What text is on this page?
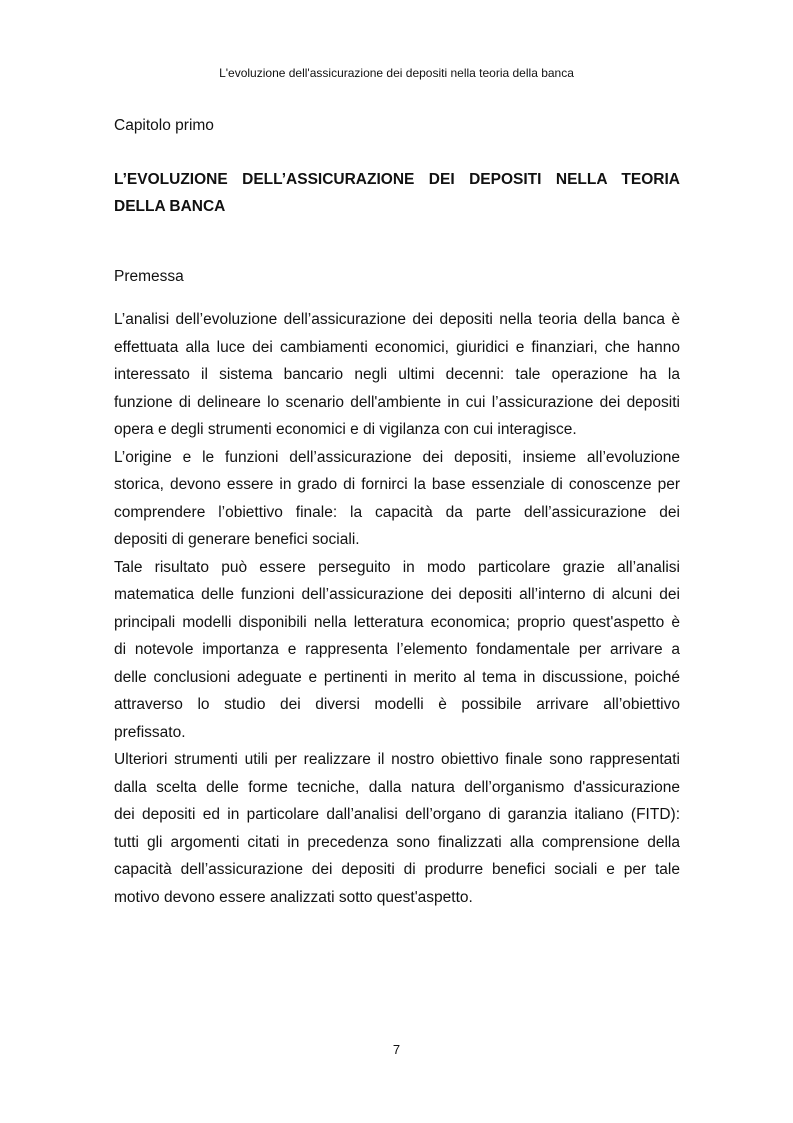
L'evoluzione dell'assicurazione dei depositi nella teoria della banca
Capitolo primo
L’EVOLUZIONE DELL’ASSICURAZIONE DEI DEPOSITI NELLA TEORIA
DELLA BANCA
Premessa
L’analisi dell’evoluzione dell’assicurazione dei depositi nella teoria della banca è
effettuata alla luce dei cambiamenti economici, giuridici e finanziari, che hanno
interessato il sistema bancario negli ultimi decenni: tale operazione ha la
funzione di delineare lo scenario dell'ambiente in cui l’assicurazione dei depositi
opera e degli strumenti economici e di vigilanza con cui interagisce.
L’origine e le funzioni dell’assicurazione dei depositi, insieme all’evoluzione
storica, devono essere in grado di fornirci la base essenziale di conoscenze per
comprendere l’obiettivo finale: la capacità da parte dell’assicurazione dei
depositi di generare benefici sociali.
Tale risultato può essere perseguito in modo particolare grazie all’analisi
matematica delle funzioni dell’assicurazione dei depositi all’interno di alcuni dei
principali modelli disponibili nella letteratura economica; proprio quest'aspetto è
di notevole importanza e rappresenta l’elemento fondamentale per arrivare a
delle conclusioni adeguate e pertinenti in merito al tema in discussione, poiché
attraverso lo studio dei diversi modelli è possibile arrivare all’obiettivo
prefissato.
Ulteriori strumenti utili per realizzare il nostro obiettivo finale sono rappresentati
dalla scelta delle forme tecniche, dalla natura dell’organismo d'assicurazione
dei depositi ed in particolare dall’analisi dell’organo di garanzia italiano (FITD):
tutti gli argomenti citati in precedenza sono finalizzati alla comprensione della
capacità dell’assicurazione dei depositi di produrre benefici sociali e per tale
motivo devono essere analizzati sotto quest'aspetto.
7
